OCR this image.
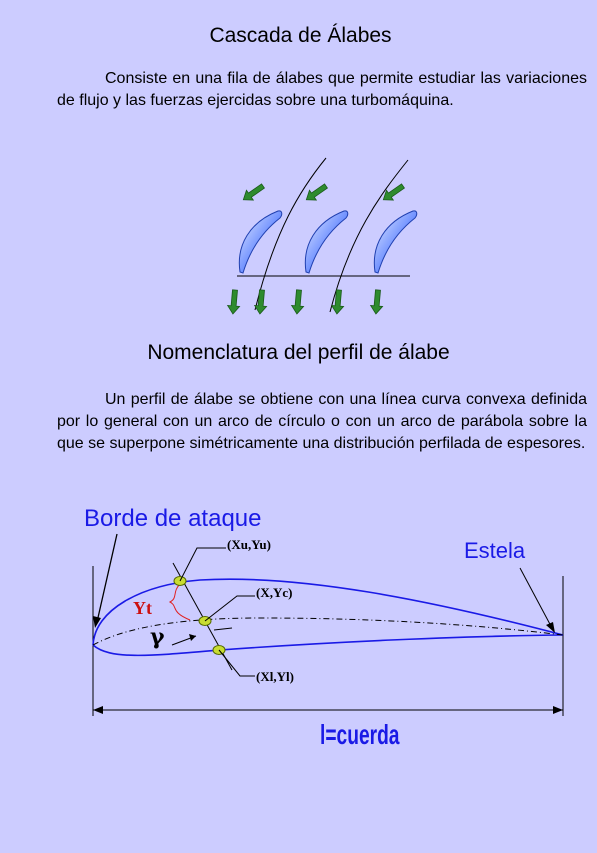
Cascada de Álabes

Consiste en una fila de álabes que permite estudiar las variaciones de flujo y las fuerzas ejercidas sobre una turbomáquina.

Nomenclatura del perfil de álabe

Un perfil de álabe se obtiene con una línea curva convexa definida por lo general con un arco de círculo o con un arco de parábola sobre la que se superpone simétricamente una distribución perfilada de espesores.

Borde de ataque
Estela
(Xu,Yu)
(X,Yc)
(Xl,Yl)
Yt
γ
l=cuerda
